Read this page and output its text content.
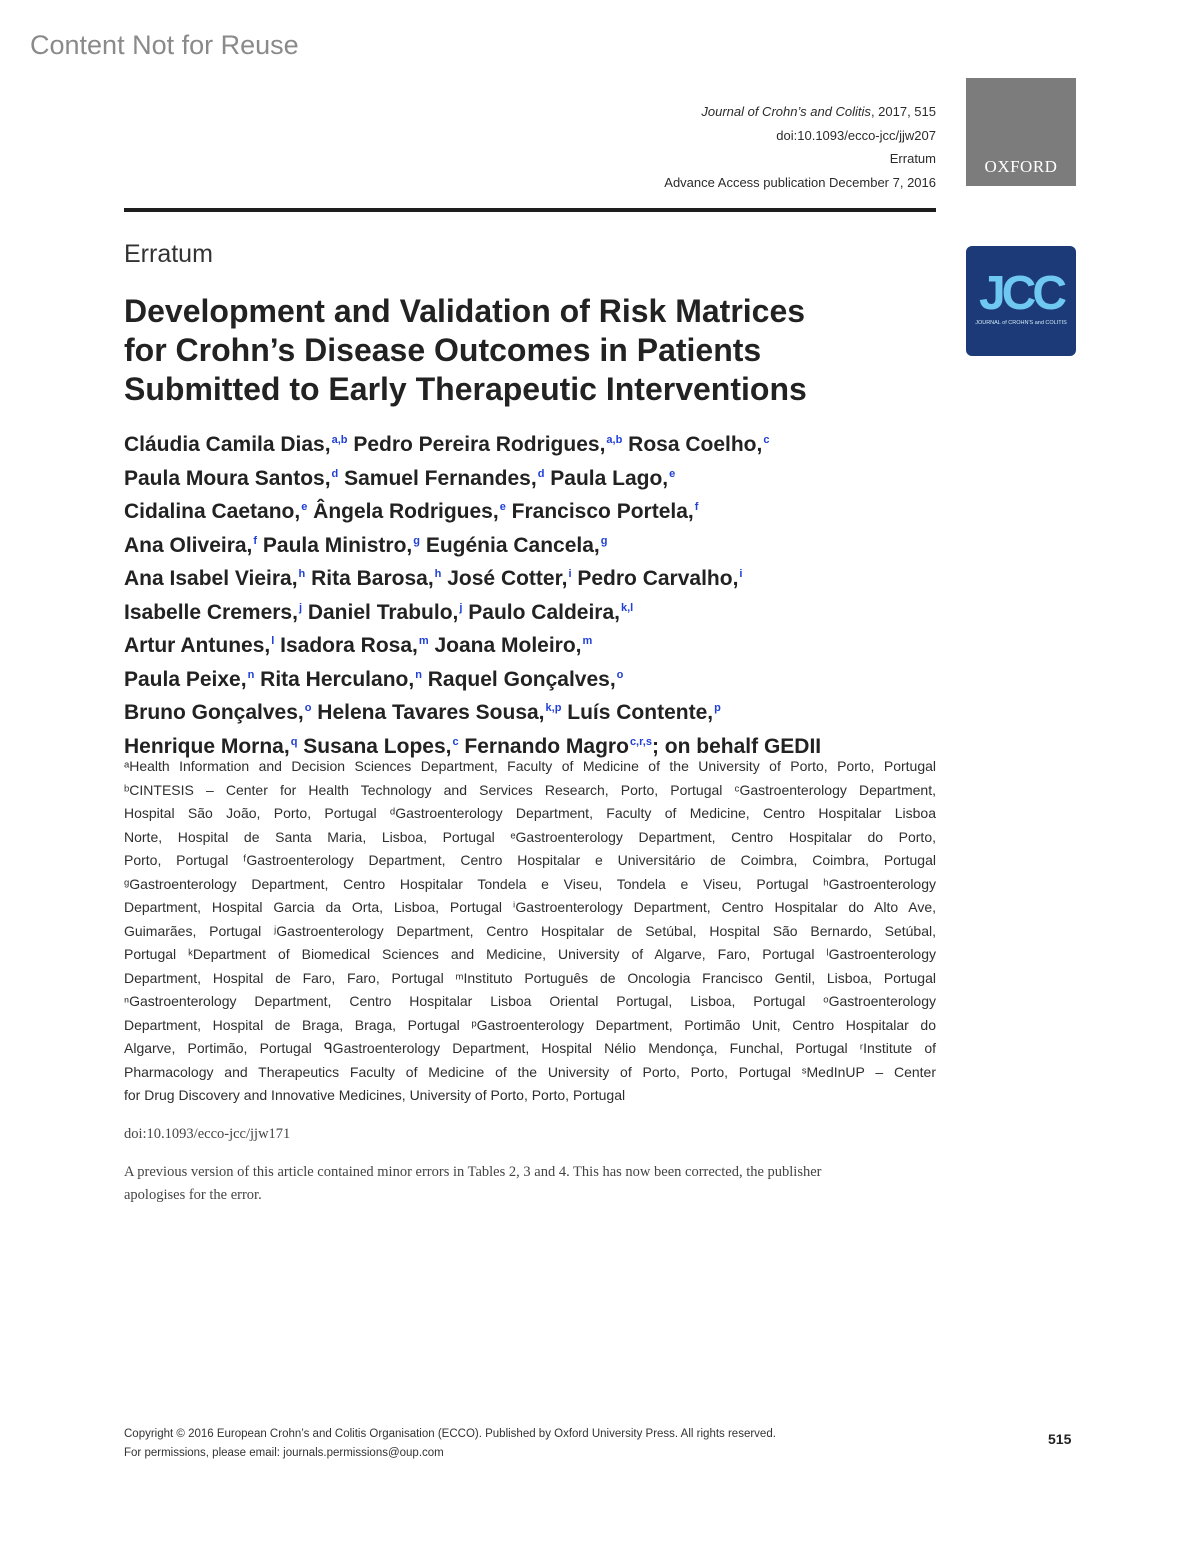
Content Not for Reuse
Journal of Crohn’s and Colitis, 2017, 515
doi:10.1093/ecco-jcc/jjw207
Erratum
Advance Access publication December 7, 2016
OXFORD
JCC
JOURNAL of CROHN'S and COLITIS
Erratum
Development and Validation of Risk Matrices
for Crohn’s Disease Outcomes in Patients
Submitted to Early Therapeutic Interventions
Cláudia Camila Dias,$^{a,b}$ Pedro Pereira Rodrigues,$^{a,b}$ Rosa Coelho,$^c$
Paula Moura Santos,$^d$ Samuel Fernandes,$^d$ Paula Lago,$^e$
Cidalina Caetano,$^e$ Ângela Rodrigues,$^e$ Francisco Portela,$^f$
Ana Oliveira,$^f$ Paula Ministro,$^g$ Eugénia Cancela,$^g$
Ana Isabel Vieira,$^h$ Rita Barosa,$^h$ José Cotter,$^i$ Pedro Carvalho,$^i$
Isabelle Cremers,$^j$ Daniel Trabulo,$^j$ Paulo Caldeira,$^{k,l}$
Artur Antunes,$^l$ Isadora Rosa,$^m$ Joana Moleiro,$^m$
Paula Peixe,$^n$ Rita Herculano,$^n$ Raquel Gonçalves,$^o$
Bruno Gonçalves,$^o$ Helena Tavares Sousa,$^{k,p}$ Luís Contente,$^p$
Henrique Morna,$^q$ Susana Lopes,$^c$ Fernando Magro$^{c,r,s}$; on behalf GEDII
ᵃHealth Information and Decision Sciences Department, Faculty of Medicine of the University of Porto, Porto, Portugal
ᵇCINTESIS – Center for Health Technology and Services Research, Porto, Portugal ᶜGastroenterology Department,
Hospital São João, Porto, Portugal ᵈGastroenterology Department, Faculty of Medicine, Centro Hospitalar Lisboa
Norte, Hospital de Santa Maria, Lisboa, Portugal ᵉGastroenterology Department, Centro Hospitalar do Porto,
Porto, Portugal ᶠGastroenterology Department, Centro Hospitalar e Universitário de Coimbra, Coimbra, Portugal
ᵍGastroenterology Department, Centro Hospitalar Tondela e Viseu, Tondela e Viseu, Portugal ʰGastroenterology
Department, Hospital Garcia da Orta, Lisboa, Portugal ⁱGastroenterology Department, Centro Hospitalar do Alto Ave,
Guimarães, Portugal ʲGastroenterology Department, Centro Hospitalar de Setúbal, Hospital São Bernardo, Setúbal,
Portugal ᵏDepartment of Biomedical Sciences and Medicine, University of Algarve, Faro, Portugal ˡGastroenterology
Department, Hospital de Faro, Faro, Portugal ᵐInstituto Português de Oncologia Francisco Gentil, Lisboa, Portugal
ⁿGastroenterology Department, Centro Hospitalar Lisboa Oriental Portugal, Lisboa, Portugal ᵒGastroenterology
Department, Hospital de Braga, Braga, Portugal ᵖGastroenterology Department, Portimão Unit, Centro Hospitalar do
Algarve, Portimão, Portugal ᑫGastroenterology Department, Hospital Nélio Mendonça, Funchal, Portugal ʳInstitute of
Pharmacology and Therapeutics Faculty of Medicine of the University of Porto, Porto, Portugal ˢMedInUP – Center
for Drug Discovery and Innovative Medicines, University of Porto, Porto, Portugal
doi:10.1093/ecco-jcc/jjw171
A previous version of this article contained minor errors in Tables 2, 3 and 4. This has now been corrected, the publisher
apologises for the error.
Copyright © 2016 European Crohn’s and Colitis Organisation (ECCO). Published by Oxford University Press. All rights reserved.
For permissions, please email: journals.permissions@oup.com
515
